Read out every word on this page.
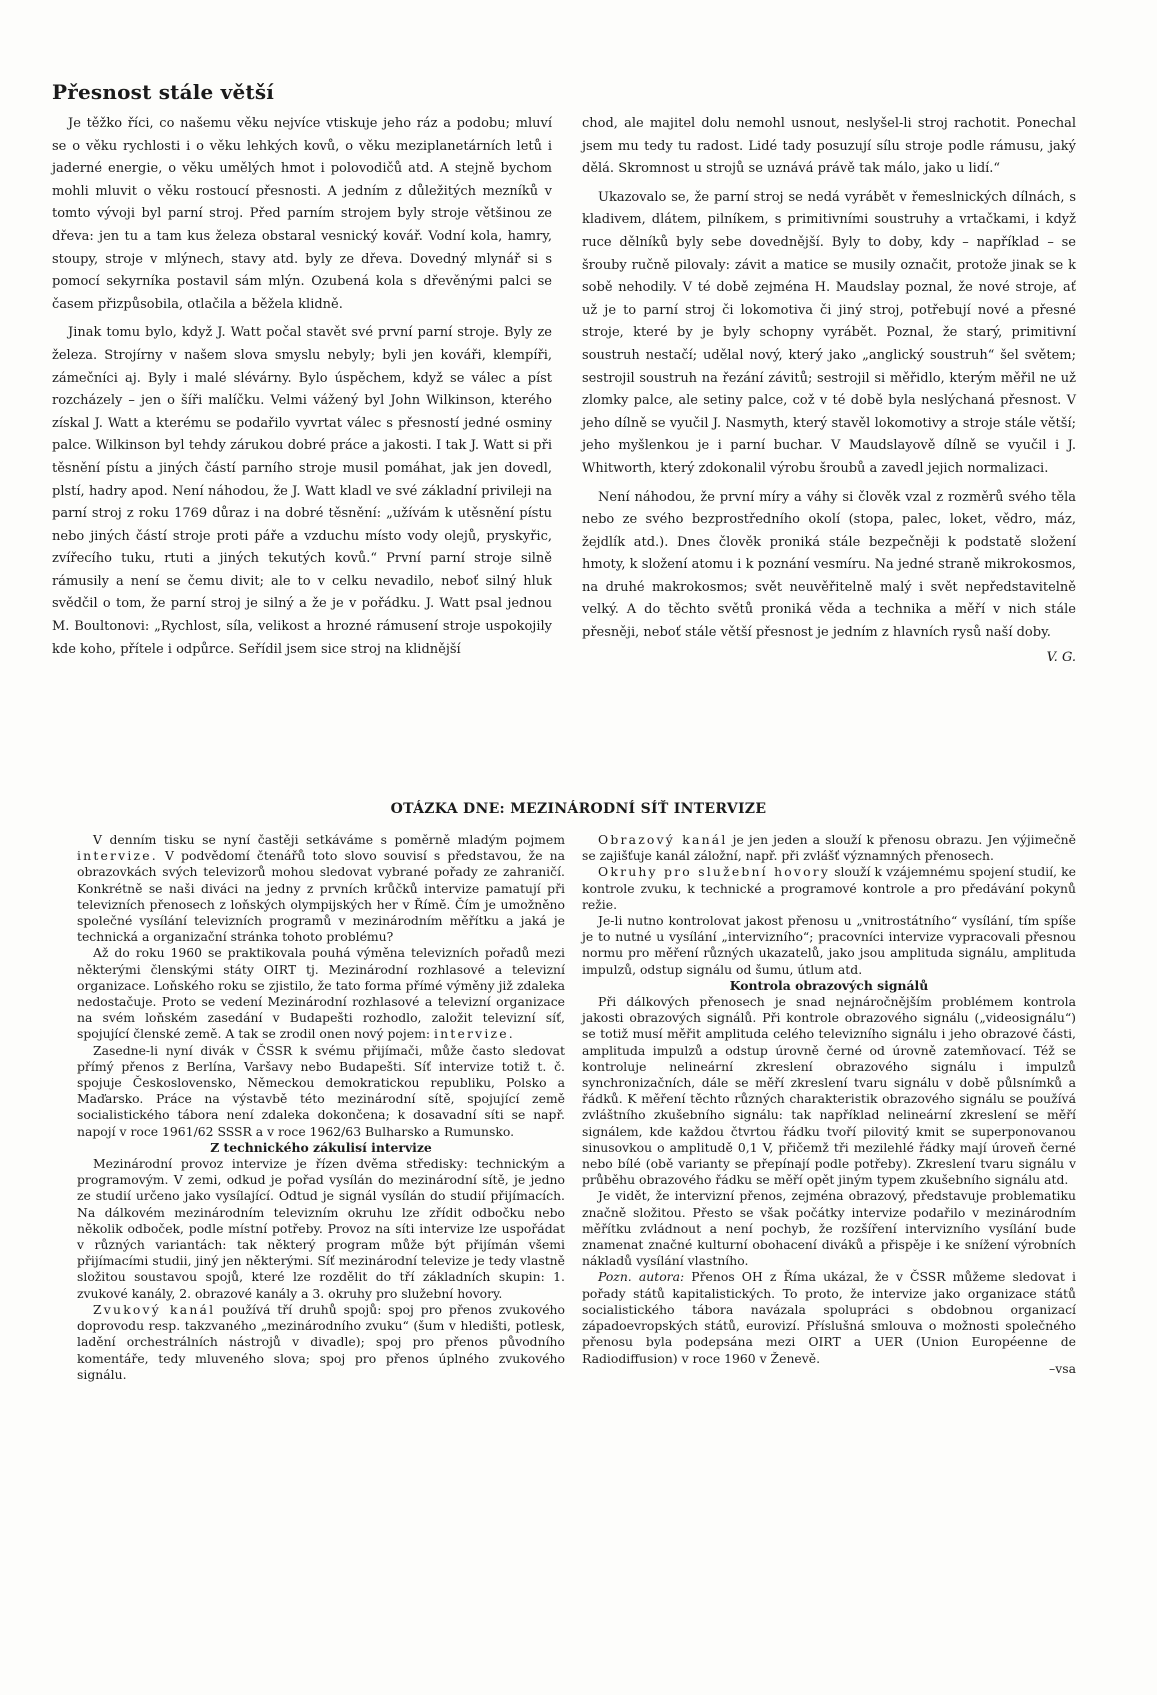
Přesnost stále větší

Je těžko říci, co našemu věku nejvíce vtiskuje jeho ráz a podobu; mluví se o věku rychlosti i o věku lehkých kovů, o věku meziplanetárních letů i jaderné energie, o věku umělých hmot i polovodičů atd. A stejně bychom mohli mluvit o věku rostoucí přesnosti. A jedním z důležitých mezníků v tomto vývoji byl parní stroj. Před parním strojem byly stroje většinou ze dřeva: jen tu a tam kus železa obstaral vesnický kovář. Vodní kola, hamry, stoupy, stroje v mlýnech, stavy atd. byly ze dřeva. Dovedný mlynář si s pomocí sekyrníka postavil sám mlýn. Ozubená kola s dřevěnými palci se časem přizpůsobila, otlačila a běžela klidně.

Jinak tomu bylo, když J. Watt počal stavět své první parní stroje. Byly ze železa. Strojírny v našem slova smyslu nebyly; byli jen kováři, klempíři, zámečníci aj. Byly i malé slévárny. Bylo úspěchem, když se válec a píst rozcházely – jen o šíři malíčku. Velmi vážený byl John Wilkinson, kterého získal J. Watt a kterému se podařilo vyvrtat válec s přesností jedné osminy palce. Wilkinson byl tehdy zárukou dobré práce a jakosti. I tak J. Watt si při těsnění pístu a jiných částí parního stroje musil pomáhat, jak jen dovedl, plstí, hadry apod. Není náhodou, že J. Watt kladl ve své základní privileji na parní stroj z roku 1769 důraz i na dobré těsnění: „užívám k utěsnění pístu nebo jiných částí stroje proti páře a vzduchu místo vody olejů, pryskyřic, zvířecího tuku, rtuti a jiných tekutých kovů.“ První parní stroje silně rámusily a není se čemu divit; ale to v celku nevadilo, neboť silný hluk svědčil o tom, že parní stroj je silný a že je v pořádku. J. Watt psal jednou M. Boultonovi: „Rychlost, síla, velikost a hrozné rámusení stroje uspokojily kde koho, přítele i odpůrce. Seřídil jsem sice stroj na klidnější

chod, ale majitel dolu nemohl usnout, neslyšel-li stroj rachotit. Ponechal jsem mu tedy tu radost. Lidé tady posuzují sílu stroje podle rámusu, jaký dělá. Skromnost u strojů se uznává právě tak málo, jako u lidí.“

Ukazovalo se, že parní stroj se nedá vyrábět v řemeslnických dílnách, s kladivem, dlátem, pilníkem, s primitivními soustruhy a vrtačkami, i když ruce dělníků byly sebe dovednější. Byly to doby, kdy – například – se šrouby ručně pilovaly: závit a matice se musily označit, protože jinak se k sobě nehodily. V té době zejména H. Maudslay poznal, že nové stroje, ať už je to parní stroj či lokomotiva či jiný stroj, potřebují nové a přesné stroje, které by je byly schopny vyrábět. Poznal, že starý, primitivní soustruh nestačí; udělal nový, který jako „anglický soustruh“ šel světem; sestrojil soustruh na řezání závitů; sestrojil si měřidlo, kterým měřil ne už zlomky palce, ale setiny palce, což v té době byla neslýchaná přesnost. V jeho dílně se vyučil J. Nasmyth, který stavěl lokomotivy a stroje stále větší; jeho myšlenkou je i parní buchar. V Maudslayově dílně se vyučil i J. Whitworth, který zdokonalil výrobu šroubů a zavedl jejich normalizaci.

Není náhodou, že první míry a váhy si člověk vzal z rozměrů svého těla nebo ze svého bezprostředního okolí (stopa, palec, loket, vědro, máz, žejdlík atd.). Dnes člověk proniká stále bezpečněji k podstatě složení hmoty, k složení atomu i k poznání vesmíru. Na jedné straně mikrokosmos, na druhé makrokosmos; svět neuvěřitelně malý i svět nepředstavitelně velký. A do těchto světů proniká věda a technika a měří v nich stále přesněji, neboť stále větší přesnost je jedním z hlavních rysů naší doby.

V. G.
OTÁZKA DNE: MEZINÁRODNÍ SÍŤ INTERVIZE

V denním tisku se nyní častěji setkáváme s poměrně mladým pojmem intervize. V podvědomí čtenářů toto slovo souvisí s představou, že na obrazovkách svých televizorů mohou sledovat vybrané pořady ze zahraničí. Konkrétně se naši diváci na jedny z prvních krůčků intervize pamatují při televizních přenosech z loňských olympijských her v Římě. Čím je umožněno společné vysílání televizních programů v mezinárodním měřítku a jaká je technická a organizační stránka tohoto problému?

Až do roku 1960 se praktikovala pouhá výměna televizních pořadů mezi některými členskými státy OIRT tj. Mezinárodní rozhlasové a televizní organizace. Loňského roku se zjistilo, že tato forma přímé výměny již zdaleka nedostačuje. Proto se vedení Mezinárodní rozhlasové a televizní organizace na svém loňském zasedání v Budapešti rozhodlo, založit televizní síť, spojující členské země. A tak se zrodil onen nový pojem: intervize.

Zasedne-li nyní divák v ČSSR k svému přijímači, může často sledovat přímý přenos z Berlína, Varšavy nebo Budapešti. Síť intervize totiž t. č. spojuje Československo, Německou demokratickou republiku, Polsko a Maďarsko. Práce na výstavbě této mezinárodní sítě, spojující země socialistického tábora není zdaleka dokončena; k dosavadní síti se např. napojí v roce 1961/62 SSSR a v roce 1962/63 Bulharsko a Rumunsko.

Z technického zákulisí intervize

Mezinárodní provoz intervize je řízen dvěma středisky: technickým a programovým. V zemi, odkud je pořad vysílán do mezinárodní sítě, je jedno ze studií určeno jako vysílající. Odtud je signál vysílán do studií přijímacích. Na dálkovém mezinárodním televizním okruhu lze zřídit odbočku nebo několik odboček, podle místní potřeby. Provoz na síti intervize lze uspořádat v různých variantách: tak některý program může být přijímán všemi přijímacími studii, jiný jen některými. Síť mezinárodní televize je tedy vlastně složitou soustavou spojů, které lze rozdělit do tří základních skupin: 1. zvukové kanály, 2. obrazové kanály a 3. okruhy pro služební hovory.

Zvukový kanál používá tří druhů spojů: spoj pro přenos zvukového doprovodu resp. takzvaného „mezinárodního zvuku“ (šum v hledišti, potlesk, ladění orchestrálních nástrojů v divadle); spoj pro přenos původního komentáře, tedy mluveného slova; spoj pro přenos úplného zvukového signálu.

Obrazový kanál je jen jeden a slouží k přenosu obrazu. Jen výjimečně se zajišťuje kanál záložní, např. při zvlášť významných přenosech.

Okruhy pro služební hovory slouží k vzájemnému spojení studií, ke kontrole zvuku, k technické a programové kontrole a pro předávání pokynů režie.

Je-li nutno kontrolovat jakost přenosu u „vnitrostátního“ vysílání, tím spíše je to nutné u vysílání „intervizního“; pracovníci intervize vypracovali přesnou normu pro měření různých ukazatelů, jako jsou amplituda signálu, amplituda impulzů, odstup signálu od šumu, útlum atd.

Kontrola obrazových signálů

Při dálkových přenosech je snad nejnáročnějším problémem kontrola jakosti obrazových signálů. Při kontrole obrazového signálu („videosignálu“) se totiž musí měřit amplituda celého televizního signálu i jeho obrazové části, amplituda impulzů a odstup úrovně černé od úrovně zatemňovací. Též se kontroluje nelineární zkreslení obrazového signálu i impulzů synchronizačních, dále se měří zkreslení tvaru signálu v době půlsnímků a řádků. K měření těchto různých charakteristik obrazového signálu se používá zvláštního zkušebního signálu: tak například nelineární zkreslení se měří signálem, kde každou čtvrtou řádku tvoří pilovitý kmit se superponovanou sinusovkou o amplitudě 0,1 V, přičemž tři mezilehlé řádky mají úroveň černé nebo bílé (obě varianty se přepínají podle potřeby). Zkreslení tvaru signálu v průběhu obrazového řádku se měří opět jiným typem zkušebního signálu atd.

Je vidět, že intervizní přenos, zejména obrazový, představuje problematiku značně složitou. Přesto se však počátky intervize podařilo v mezinárodním měřítku zvládnout a není pochyb, že rozšíření intervizního vysílání bude znamenat značné kulturní obohacení diváků a přispěje i ke snížení výrobních nákladů vysílání vlastního.

Pozn. autora: Přenos OH z Říma ukázal, že v ČSSR můžeme sledovat i pořady států kapitalistických. To proto, že intervize jako organizace států socialistického tábora navázala spolupráci s obdobnou organizací západoevropských států, eurovizí. Příslušná smlouva o možnosti společného přenosu byla podepsána mezi OIRT a UER (Union Européenne de Radiodiffusion) v roce 1960 v Ženevě.

–vsa
